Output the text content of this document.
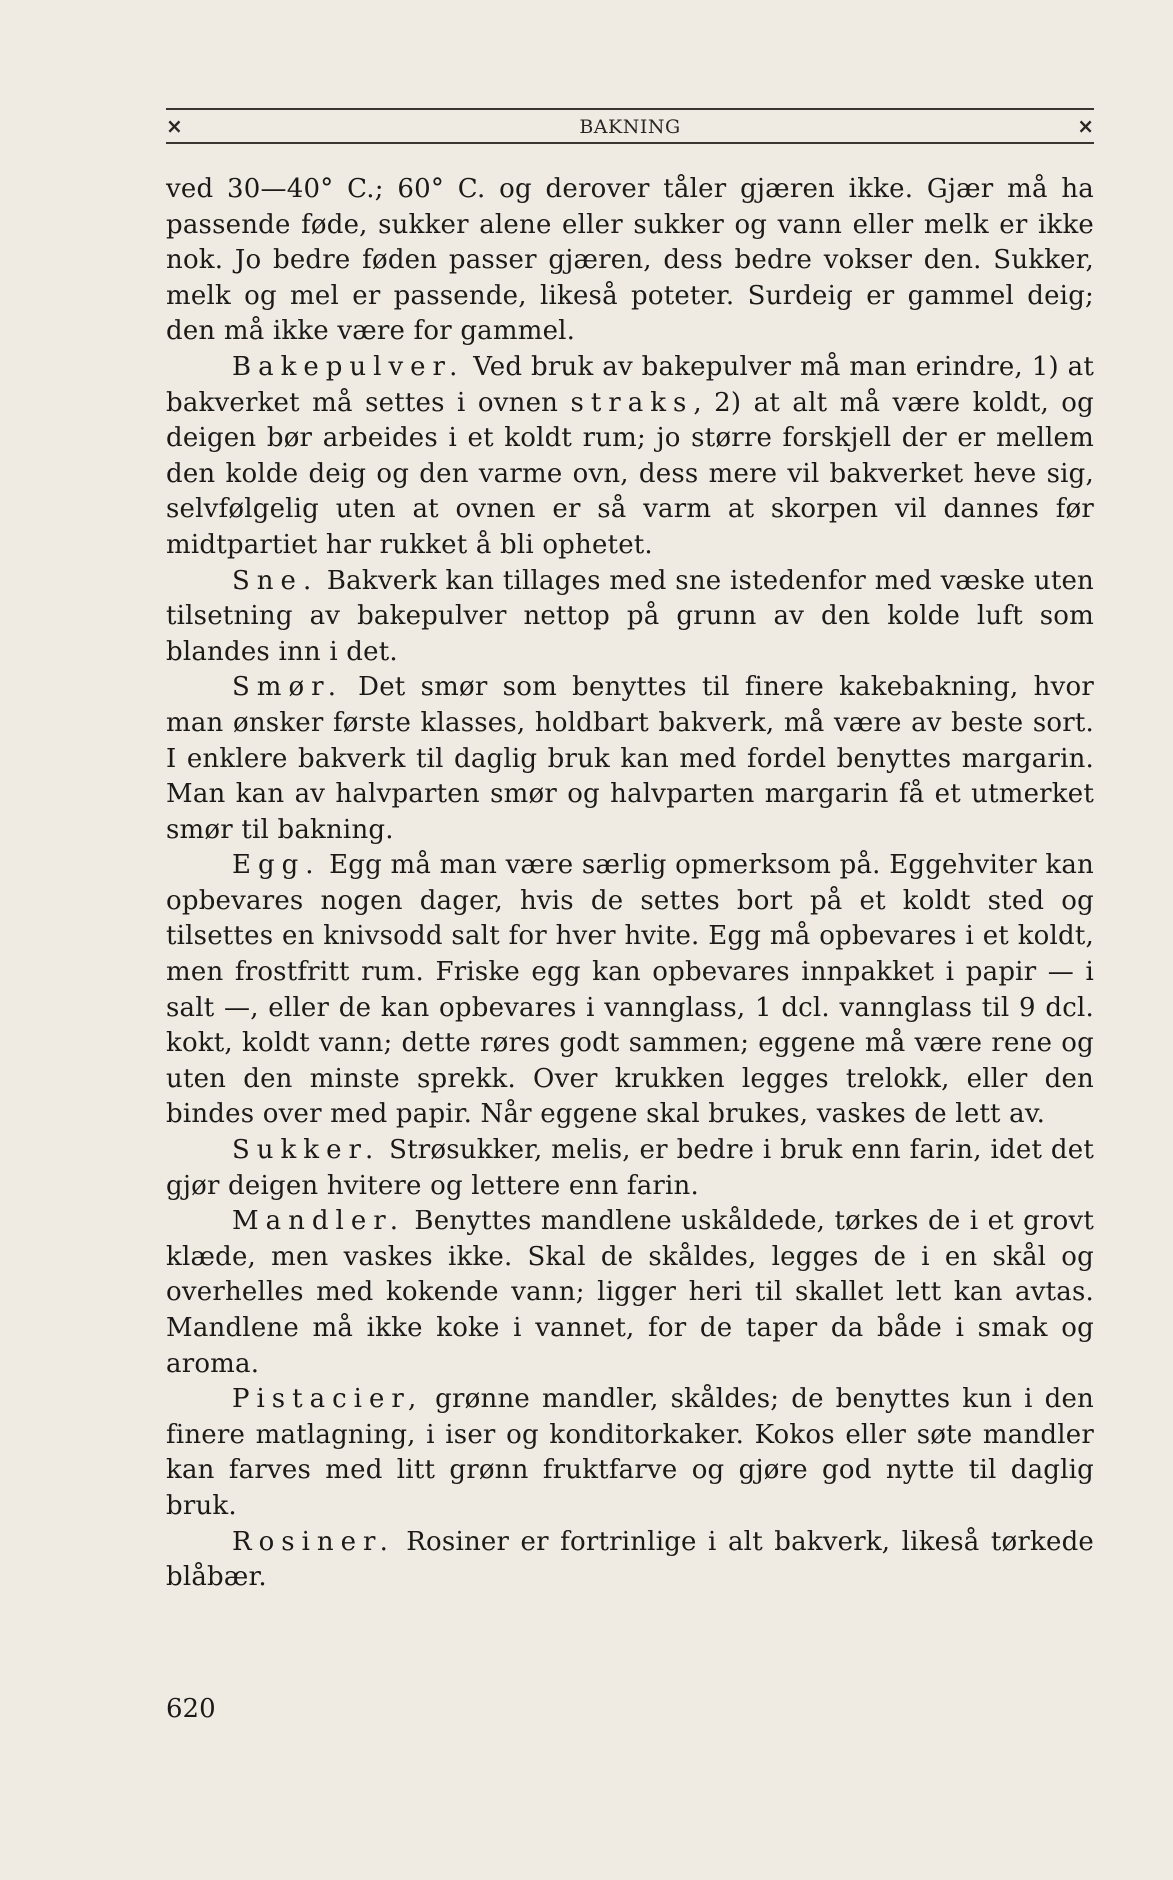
×	BAKNING	×

ved 30—40° C.; 60° C. og derover tåler gjæren ikke. Gjær må ha passende føde, sukker alene eller sukker og vann eller melk er ikke nok. Jo bedre føden passer gjæren, dess bedre vokser den. Sukker, melk og mel er passende, likeså poteter. Surdeig er gammel deig; den må ikke være for gammel.

Bakepulver. Ved bruk av bakepulver må man erindre, 1) at bakverket må settes i ovnen straks, 2) at alt må være koldt, og deigen bør arbeides i et koldt rum; jo større forskjell der er mellem den kolde deig og den varme ovn, dess mere vil bakverket heve sig, selvfølgelig uten at ovnen er så varm at skorpen vil dannes før midtpartiet har rukket å bli ophetet.

Sne. Bakverk kan tillages med sne istedenfor med væske uten tilsetning av bakepulver nettop på grunn av den kolde luft som blandes inn i det.

Smør. Det smør som benyttes til finere kakebakning, hvor man ønsker første klasses, holdbart bakverk, må være av beste sort. I enklere bakverk til daglig bruk kan med fordel benyttes margarin. Man kan av halvparten smør og halvparten margarin få et utmerket smør til bakning.

Egg. Egg må man være særlig opmerksom på. Eggehviter kan opbevares nogen dager, hvis de settes bort på et koldt sted og tilsettes en knivsodd salt for hver hvite. Egg må opbevares i et koldt, men frostfritt rum. Friske egg kan opbevares innpakket i papir — i salt —, eller de kan opbevares i vannglass, 1 dcl. vannglass til 9 dcl. kokt, koldt vann; dette røres godt sammen; eggene må være rene og uten den minste sprekk. Over krukken legges trelokk, eller den bindes over med papir. Når eggene skal brukes, vaskes de lett av.

Sukker. Strøsukker, melis, er bedre i bruk enn farin, idet det gjør deigen hvitere og lettere enn farin.

Mandler. Benyttes mandlene uskåldede, tørkes de i et grovt klæde, men vaskes ikke. Skal de skåldes, legges de i en skål og overhelles med kokende vann; ligger heri til skallet lett kan avtas. Mandlene må ikke koke i vannet, for de taper da både i smak og aroma.

Pistacier, grønne mandler, skåldes; de benyttes kun i den finere matlagning, i iser og konditorkaker. Kokos eller søte mandler kan farves med litt grønn fruktfarve og gjøre god nytte til daglig bruk.

Rosiner. Rosiner er fortrinlige i alt bakverk, likeså tørkede blåbær.

620
